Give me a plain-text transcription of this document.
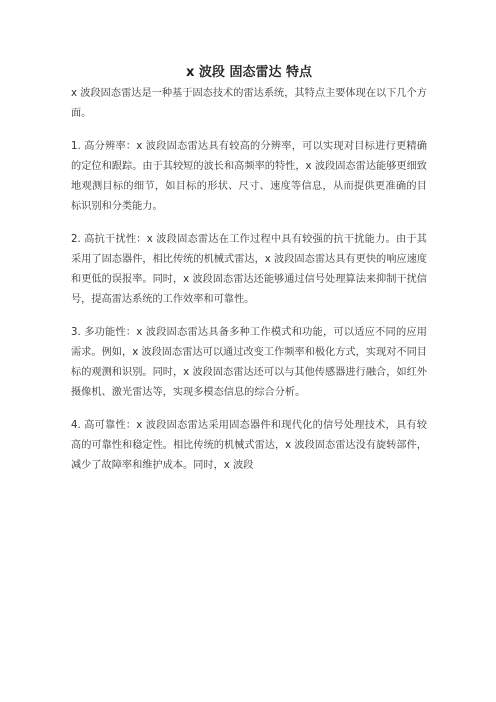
x 波段 固态雷达 特点

x 波段固态雷达是一种基于固态技术的雷达系统，其特点主要体现在以下几个方面。

1. 高分辨率：x 波段固态雷达具有较高的分辨率，可以实现对目标进行更精确的定位和跟踪。由于其较短的波长和高频率的特性，x 波段固态雷达能够更细致地观测目标的细节，如目标的形状、尺寸、速度等信息，从而提供更准确的目标识别和分类能力。

2. 高抗干扰性：x 波段固态雷达在工作过程中具有较强的抗干扰能力。由于其采用了固态器件，相比传统的机械式雷达，x 波段固态雷达具有更快的响应速度和更低的误报率。同时，x 波段固态雷达还能够通过信号处理算法来抑制干扰信号，提高雷达系统的工作效率和可靠性。

3. 多功能性：x 波段固态雷达具备多种工作模式和功能，可以适应不同的应用需求。例如，x 波段固态雷达可以通过改变工作频率和极化方式，实现对不同目标的观测和识别。同时，x 波段固态雷达还可以与其他传感器进行融合，如红外摄像机、激光雷达等，实现多模态信息的综合分析。

4. 高可靠性：x 波段固态雷达采用固态器件和现代化的信号处理技术，具有较高的可靠性和稳定性。相比传统的机械式雷达，x 波段固态雷达没有旋转部件，减少了故障率和维护成本。同时，x 波段
